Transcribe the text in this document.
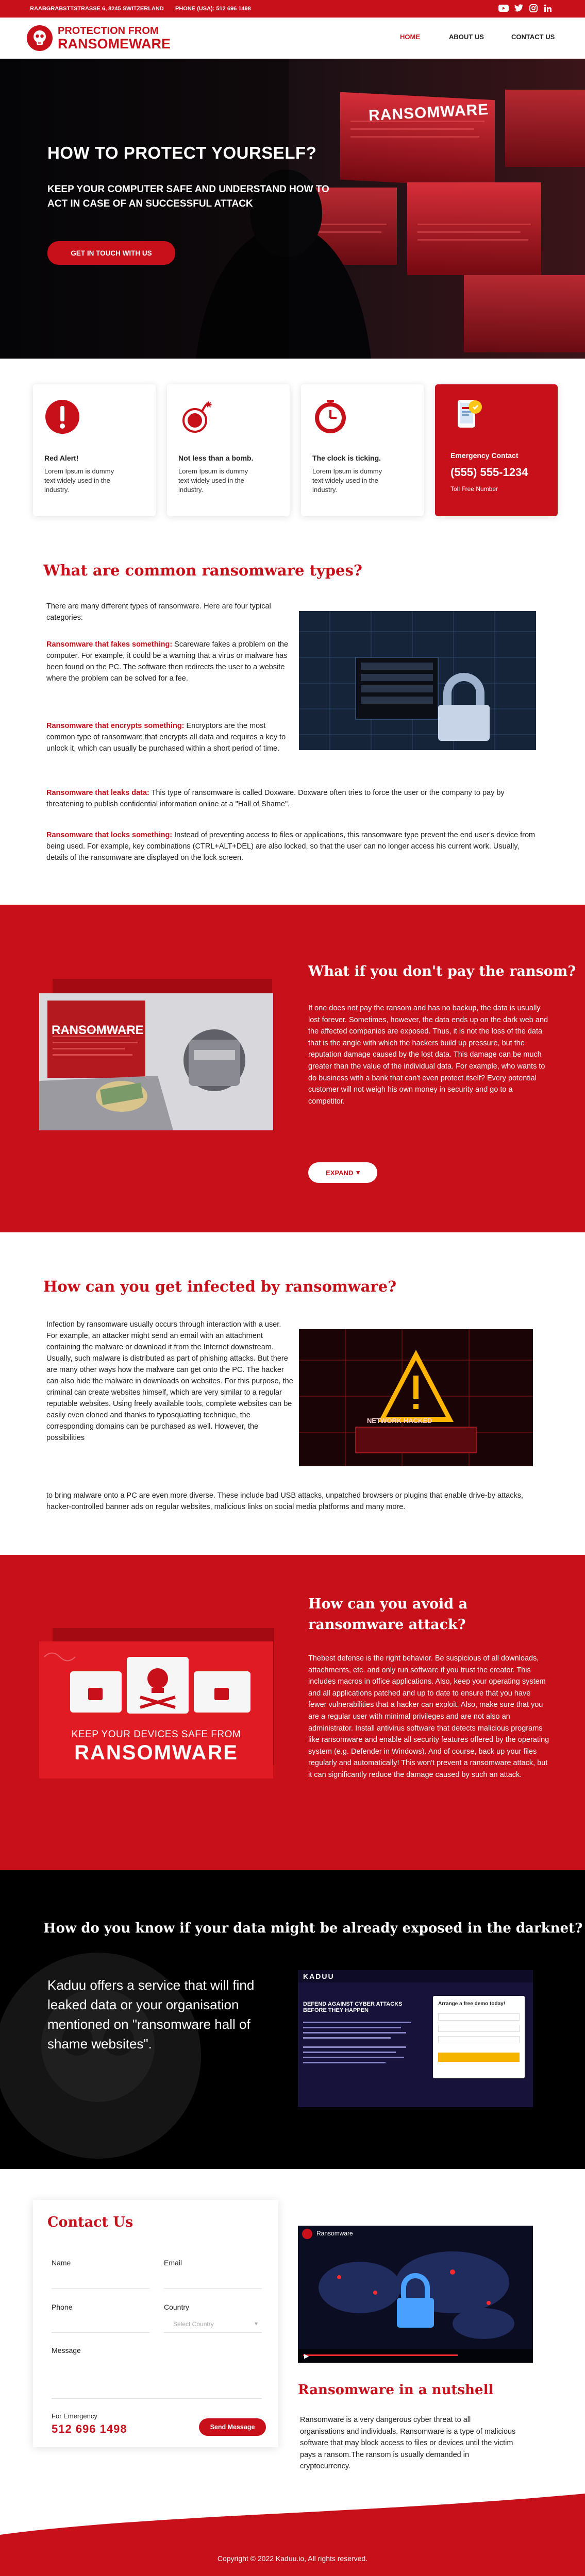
RAABGRABSTTSTRASSE 6, 8245 SWITZERLAND PHONE (USA): 512 696 1498
PROTECTION FROM
RANSOMEWARE	HOME	ABOUT US	CONTACT US
RANSOMWARE
HOW TO PROTECT YOURSELF?
KEEP YOUR COMPUTER SAFE AND UNDERSTAND HOW TO ACT IN CASE OF AN SUCCESSFUL ATTACK
GET IN TOUCH WITH US
Red Alert!
Lorem Ipsum is dummy text widely used in the industry.
Not less than a bomb.
Lorem Ipsum is dummy text widely used in the industry.
The clock is ticking.
Lorem Ipsum is dummy text widely used in the industry.
Emergency Contact
(555) 555-1234
Toll Free Number
What are common ransomware types?
There are many different types of ransomware. Here are four typical categories:
Ransomware that fakes something: Scareware fakes a problem on the computer. For example, it could be a warning that a virus or malware has been found on the PC. The software then redirects the user to a website where the problem can be solved for a fee.
Ransomware that encrypts something: Encryptors are the most common type of ransomware that encrypts all data and requires a key to unlock it, which can usually be purchased within a short period of time.
Ransomware that leaks data: This type of ransomware is called Doxware. Doxware often tries to force the user or the company to pay by threatening to publish confidential information online at a "Hall of Shame".
Ransomware that locks something: Instead of preventing access to files or applications, this ransomware type prevent the end user's device from being used. For example, key combinations (CTRL+ALT+DEL) are also locked, so that the user can no longer access his current work. Usually, details of the ransomware are displayed on the lock screen.
RANSOMWARE
What if you don't pay the ransom?
If one does not pay the ransom and has no backup, the data is usually lost forever. Sometimes, however, the data ends up on the dark web and the affected companies are exposed. Thus, it is not the loss of the data that is the angle with which the hackers build up pressure, but the reputation damage caused by the lost data. This damage can be much greater than the value of the individual data. For example, who wants to do business with a bank that can't even protect itself? Every potential customer will not weigh his own money in security and go to a competitor.
EXPAND ▾
How can you get infected by ransomware?
Infection by ransomware usually occurs through interaction with a user. For example, an attacker might send an email with an attachment containing the malware or download it from the Internet downstream. Usually, such malware is distributed as part of phishing attacks. But there are many other ways how the malware can get onto the PC. The hacker can also hide the malware in downloads on websites. For this purpose, the criminal can create websites himself, which are very similar to a regular reputable websites. Using freely available tools, complete websites can be easily even cloned and thanks to typosquatting technique, the corresponding domains can be purchased as well. However, the possibilities
to bring malware onto a PC are even more diverse. These include bad USB attacks, unpatched browsers or plugins that enable drive-by attacks, hacker-controlled banner ads on regular websites, malicious links on social media platforms and many more.
NETWORK HACKED
KEEP YOUR DEVICES SAFE FROM
RANSOMWARE
How can you avoid a ransomware attack?
Thebest defense is the right behavior. Be suspicious of all downloads, attachments, etc. and only run software if you trust the creator. This includes macros in office applications. Also, keep your operating system and all applications patched and up to date to ensure that you have fewer vulnerabilities that a hacker can exploit. Also, make sure that you are a regular user with minimal privileges and are not also an administrator. Install antivirus software that detects malicious programs like ransomware and enable all security features offered by the operating system (e.g. Defender in Windows). And of course, back up your files regularly and automatically! This won't prevent a ransomware attack, but it can significantly reduce the damage caused by such an attack.
How do you know if your data might be already exposed in the darknet?
Kaduu offers a service that will find leaked data or your organisation mentioned on "ransomware hall of shame websites".
KADUU
DEFEND AGAINST CYBER ATTACKS BEFORE THEY HAPPEN
Arrange a free demo today!
Contact Us
Name	Email
Phone	Country
Select Country	▾
Message
For Emergency
512 696 1498	Send Message
Ransomware
▶
Ransomware in a nutshell
Ransomware is a very dangerous cyber threat to all organisations and individuals. Ransomware is a type of malicious software that may block access to files or devices until the victim pays a ransom.The ransom is usually demanded in cryptocurrency.
Copyright © 2022 Kaduu.io, All rights reserved.
